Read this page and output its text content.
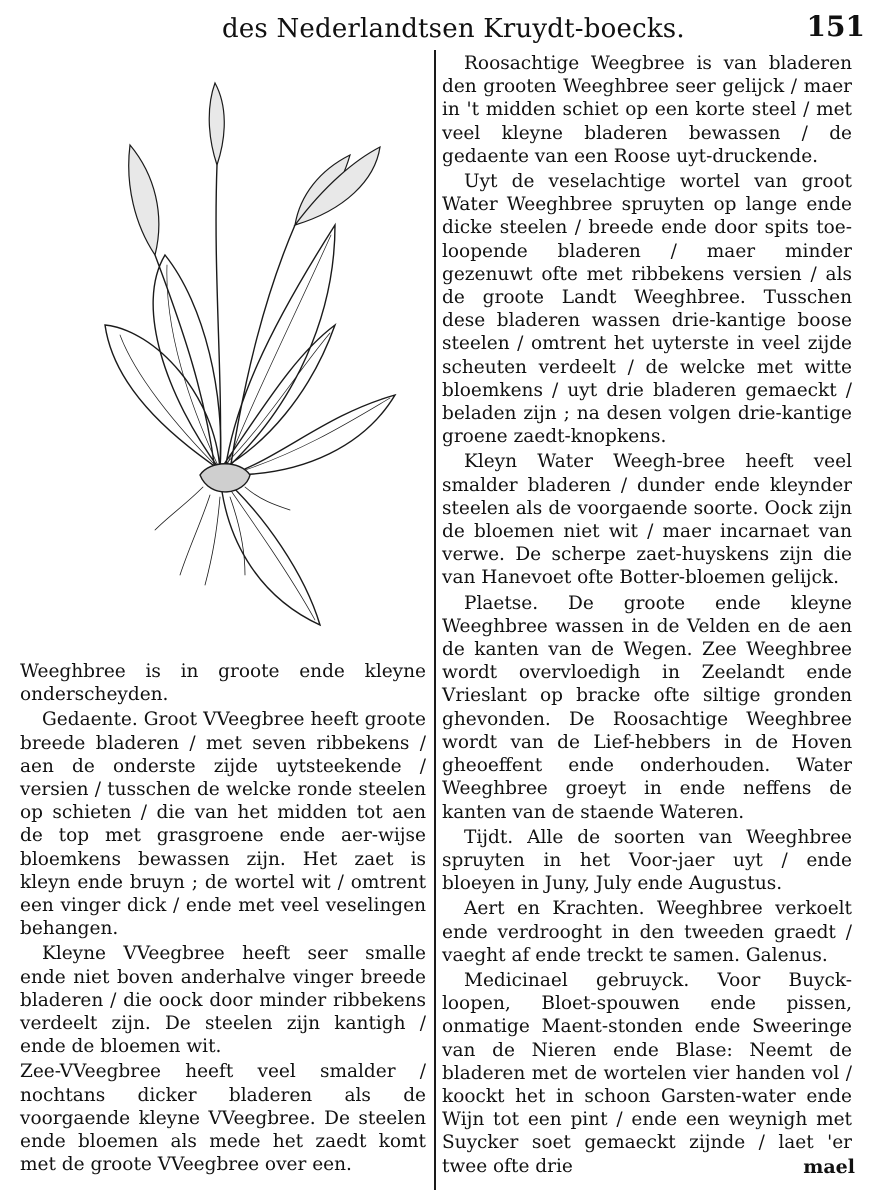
des Nederlandtsen Kruydt-boecks.	151

Weeghbree is in groote ende kleyne onderscheyden.

Gedaente. Groot VVeegbree heeft groote breede bladeren / met seven ribbekens / aen de onderste zijde uytsteekende / versien / tusschen de welcke ronde steelen op schieten / die van het midden tot aen de top met grasgroene ende aer-wijse bloemkens bewassen zijn. Het zaet is kleyn ende bruyn ; de wortel wit / omtrent een vinger dick / ende met veel veselingen behangen.

Kleyne VVeegbree heeft seer smalle ende niet boven anderhalve vinger breede bladeren / die oock door minder ribbekens verdeelt zijn. De steelen zijn kantigh / ende de bloemen wit.

Zee-VVeegbree heeft veel smalder / nochtans dicker bladeren als de voorgaende kleyne VVeegbree. De steelen ende bloemen als mede het zaedt komt met de groote VVeegbree over een.

Roosachtige Weegbree is van bladeren den grooten Weeghbree seer gelijck / maer in 't midden schiet op een korte steel / met veel kleyne bladeren bewassen / de gedaente van een Roose uyt-druckende.

Uyt de veselachtige wortel van groot Water Weeghbree spruyten op lange ende dicke steelen / breede ende door spits toe-loopende bladeren / maer minder gezenuwt ofte met ribbekens versien / als de groote Landt Weeghbree. Tusschen dese bladeren wassen drie-kantige boose steelen / omtrent het uyterste in veel zijde scheuten verdeelt / de welcke met witte bloemkens / uyt drie bladeren gemaeckt / beladen zijn ; na desen volgen drie-kantige groene zaedt-knopkens.

Kleyn Water Weegh-bree heeft veel smalder bladeren / dunder ende kleynder steelen als de voorgaende soorte. Oock zijn de bloemen niet wit / maer incarnaet van verwe. De scherpe zaet-huyskens zijn die van Hanevoet ofte Botter-bloemen gelijck.

Plaetse. De groote ende kleyne Weeghbree wassen in de Velden en de aen de kanten van de Wegen. Zee Weeghbree wordt overvloedigh in Zeelandt ende Vrieslant op bracke ofte siltige gronden ghevonden. De Roosachtige Weeghbree wordt van de Lief-hebbers in de Hoven gheoeffent ende onderhouden. Water Weeghbree groeyt in ende neffens de kanten van de staende Wateren.

Tijdt. Alle de soorten van Weeghbree spruyten in het Voor-jaer uyt / ende bloeyen in Juny, July ende Augustus.

Aert en Krachten. Weeghbree verkoelt ende verdrooght in den tweeden graedt / vaeght af ende treckt te samen. Galenus.

Medicinael gebruyck. Voor Buyck-loopen, Bloet-spouwen ende pissen, onmatige Maent-stonden ende Sweeringe van de Nieren ende Blase: Neemt de bladeren met de wortelen vier handen vol / koockt het in schoon Garsten-water ende Wijn tot een pint / ende een weynigh met Suycker soet gemaeckt zijnde / laet 'er twee ofte drie	mael
